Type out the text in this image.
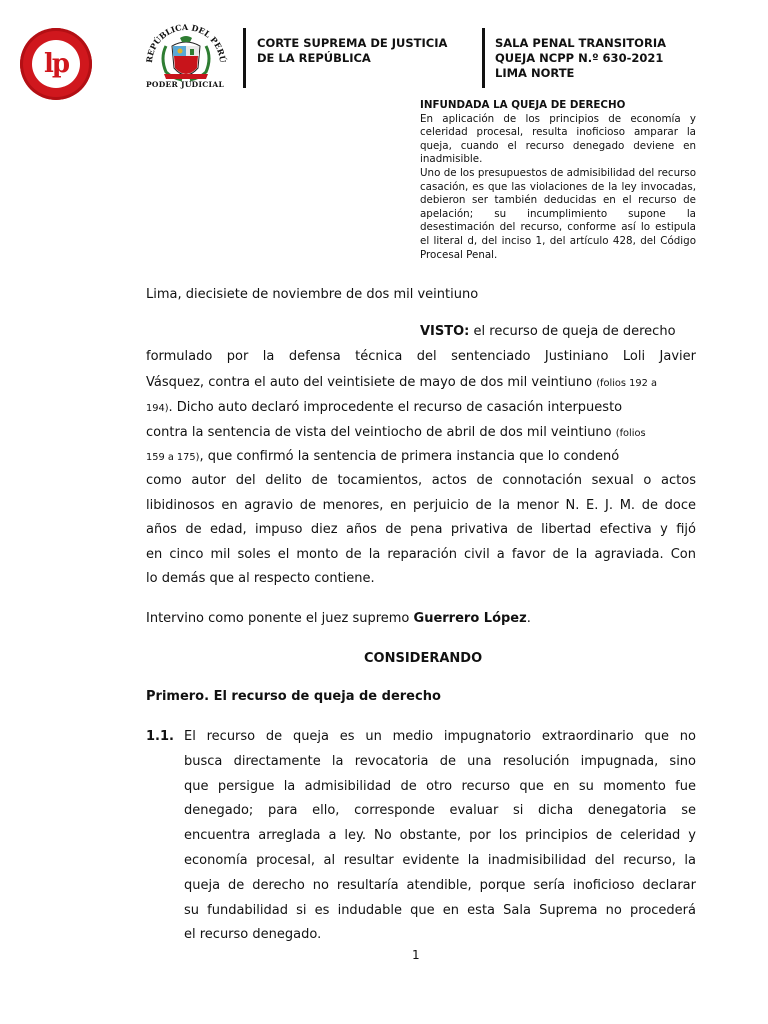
lp	REPÚBLICA DEL PERÚ
PODER JUDICIAL
CORTE SUPREMA DE JUSTICIA
DE LA REPÚBLICA
SALA PENAL TRANSITORIA
QUEJA NCPP N.º 630-2021
LIMA NORTE
INFUNDADA LA QUEJA DE DERECHO
En aplicación de los principios de economía y celeridad procesal, resulta inoficioso amparar la queja, cuando el recurso denegado deviene en inadmisible.
Uno de los presupuestos de admisibilidad del recurso casación, es que las violaciones de la ley invocadas, debieron ser también deducidas en el recurso de apelación; su incumplimiento supone la desestimación del recurso, conforme así lo estipula el literal d, del inciso 1, del artículo 428, del Código Procesal Penal.
Lima, diecisiete de noviembre de dos mil veintiuno
VISTO: el recurso de queja de derecho
formulado por la defensa técnica del sentenciado Justiniano Loli Javier
Vásquez, contra el auto del veintisiete de mayo de dos mil veintiuno (folios 192 a
194). Dicho auto declaró improcedente el recurso de casación interpuesto
contra la sentencia de vista del veintiocho de abril de dos mil veintiuno (folios
159 a 175), que confirmó la sentencia de primera instancia que lo condenó
como autor del delito de tocamientos, actos de connotación sexual o actos
libidinosos en agravio de menores, en perjuicio de la menor N. E. J. M. de doce
años de edad, impuso diez años de pena privativa de libertad efectiva y fijó
en cinco mil soles el monto de la reparación civil a favor de la agraviada. Con
lo demás que al respecto contiene.
Intervino como ponente el juez supremo Guerrero López.
CONSIDERANDO
Primero. El recurso de queja de derecho
1.1. El recurso de queja es un medio impugnatorio extraordinario que no
busca directamente la revocatoria de una resolución impugnada, sino
que persigue la admisibilidad de otro recurso que en su momento fue
denegado; para ello, corresponde evaluar si dicha denegatoria se
encuentra arreglada a ley. No obstante, por los principios de celeridad y
economía procesal, al resultar evidente la inadmisibilidad del recurso, la
queja de derecho no resultaría atendible, porque sería inoficioso declarar
su fundabilidad si es indudable que en esta Sala Suprema no procederá
el recurso denegado.
1
